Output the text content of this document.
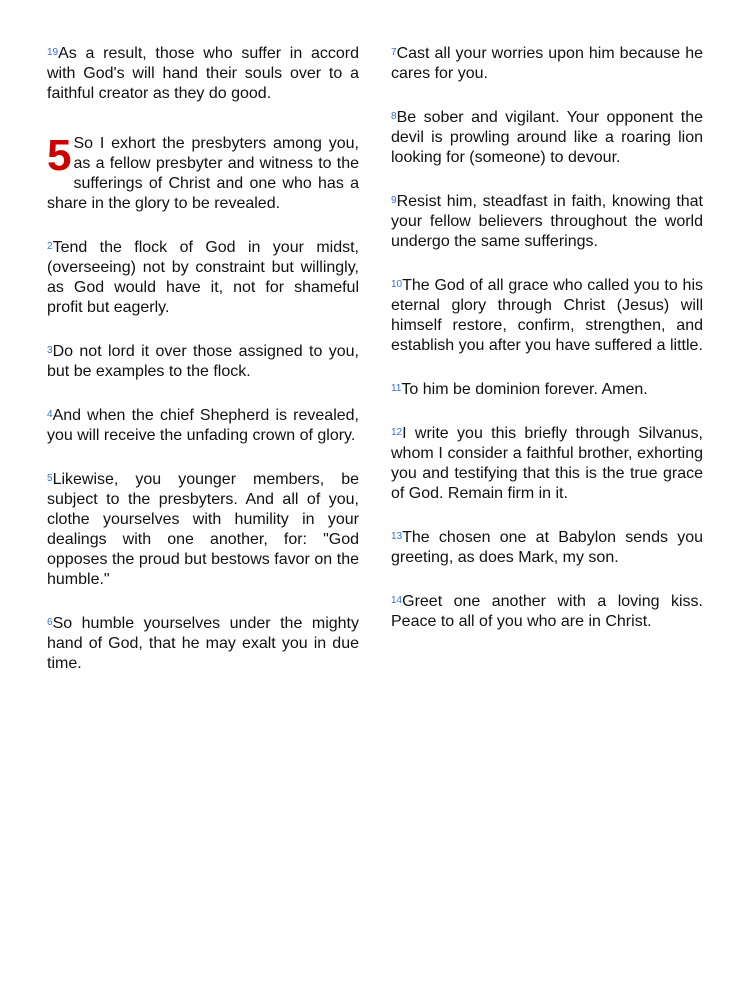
$^{19}$As a result, those who suffer in accord with God's will hand their souls over to a faithful creator as they do good.

5 So I exhort the presbyters among you, as a fellow presbyter and witness to the sufferings of Christ and one who has a share in the glory to be revealed.

$^2$Tend the flock of God in your midst, (overseeing) not by constraint but willingly, as God would have it, not for shameful profit but eagerly.

$^3$Do not lord it over those assigned to you, but be examples to the flock.

$^4$And when the chief Shepherd is revealed, you will receive the unfading crown of glory.

$^5$Likewise, you younger members, be subject to the presbyters. And all of you, clothe yourselves with humility in your dealings with one another, for: "God opposes the proud but bestows favor on the humble."

$^6$So humble yourselves under the mighty hand of God, that he may exalt you in due time.

$^7$Cast all your worries upon him because he cares for you.

$^8$Be sober and vigilant. Your opponent the devil is prowling around like a roaring lion looking for (someone) to devour.

$^9$Resist him, steadfast in faith, knowing that your fellow believers throughout the world undergo the same sufferings.

$^{10}$The God of all grace who called you to his eternal glory through Christ (Jesus) will himself restore, confirm, strengthen, and establish you after you have suffered a little.

$^{11}$To him be dominion forever. Amen.

$^{12}$I write you this briefly through Silvanus, whom I consider a faithful brother, exhorting you and testifying that this is the true grace of God. Remain firm in it.

$^{13}$The chosen one at Babylon sends you greeting, as does Mark, my son.

$^{14}$Greet one another with a loving kiss. Peace to all of you who are in Christ.
